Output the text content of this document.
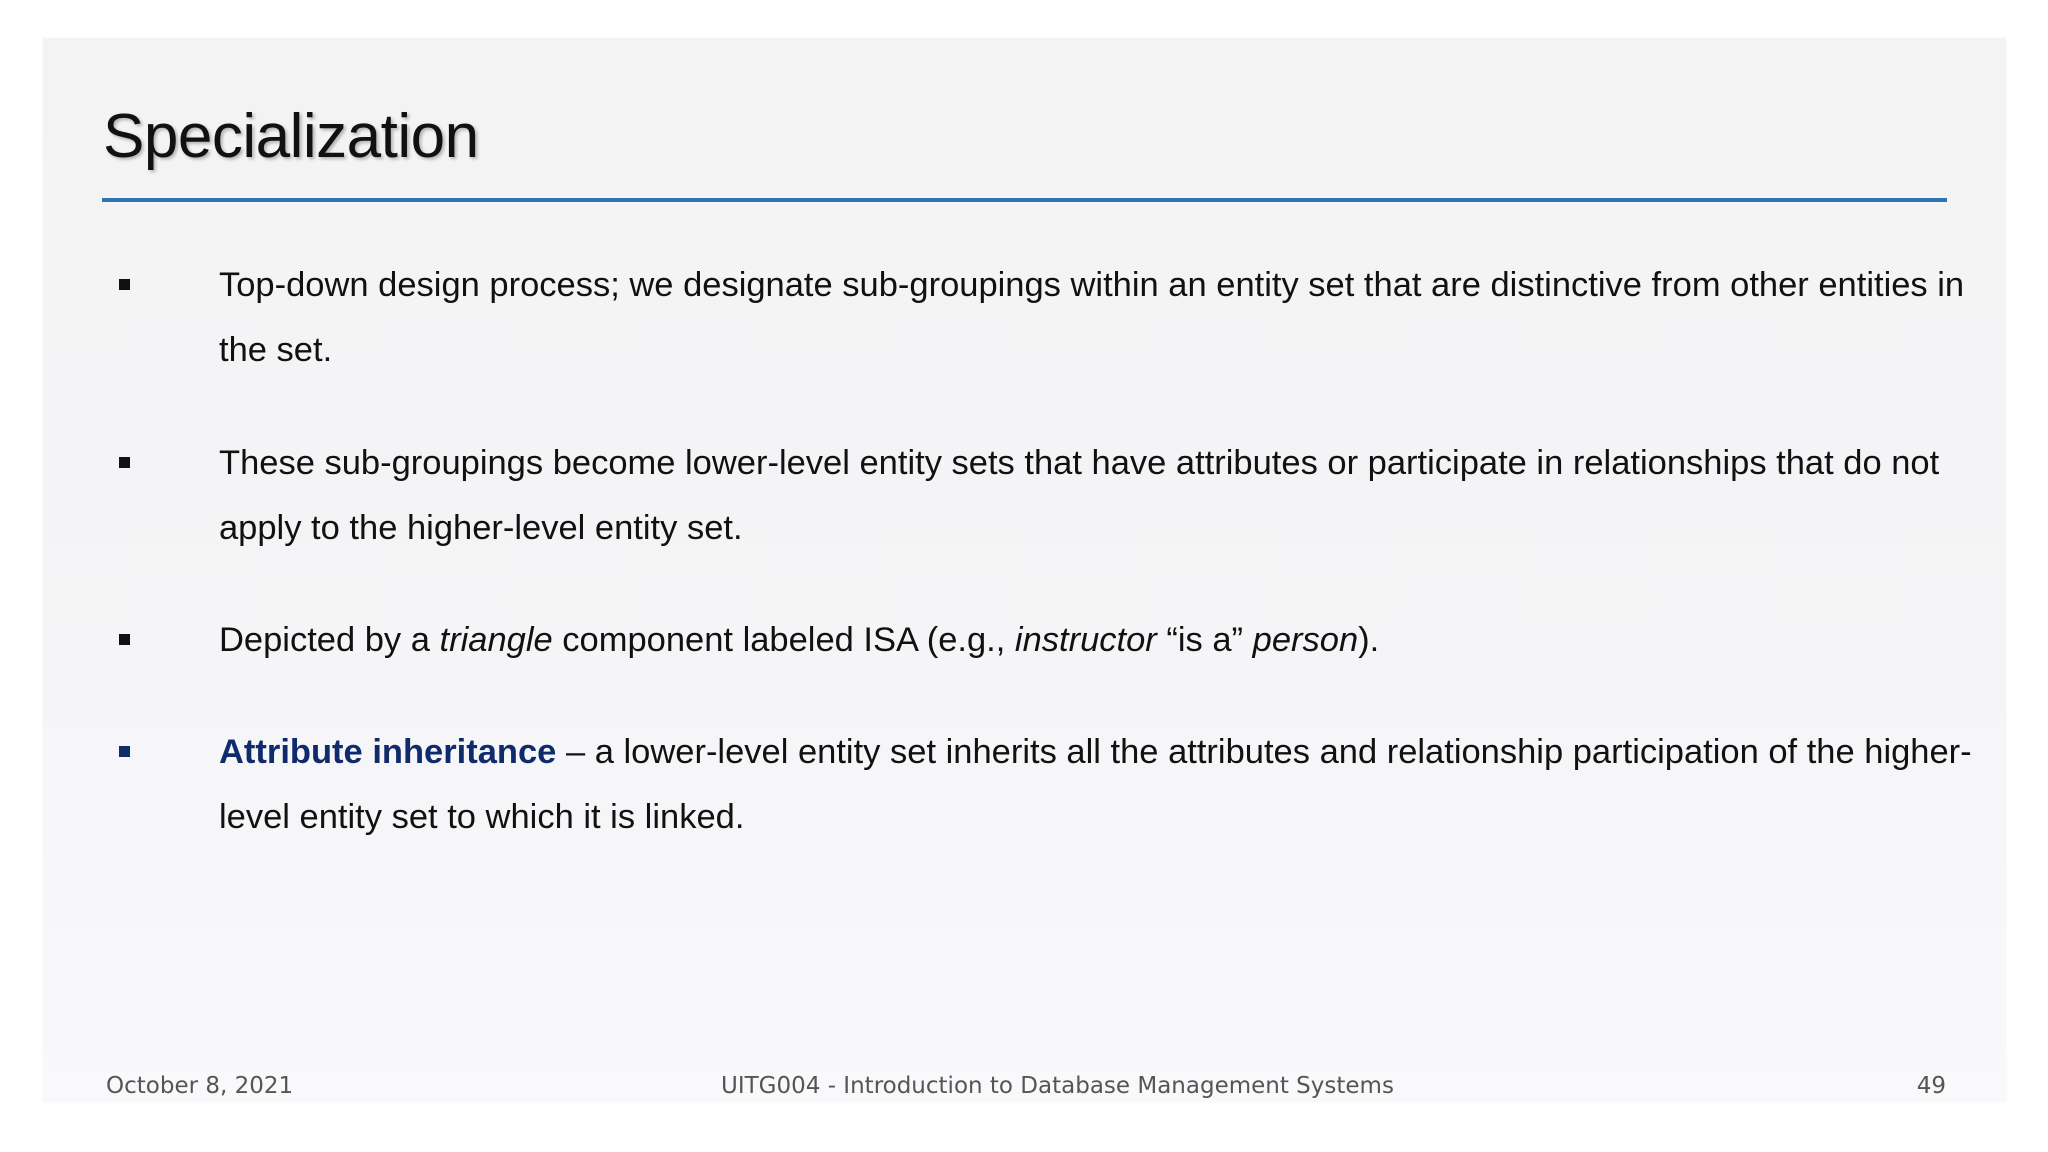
Specialization
Top-down design process; we designate sub-groupings within an entity set that are distinctive from other entities in the set.
These sub-groupings become lower-level entity sets that have attributes or participate in relationships that do not apply to the higher-level entity set.
Depicted by a triangle component labeled ISA (e.g., instructor “is a” person).
Attribute inheritance – a lower-level entity set inherits all the attributes and relationship participation of the higher-level entity set to which it is linked.
October 8, 2021	UITG004 - Introduction to Database Management Systems	49
